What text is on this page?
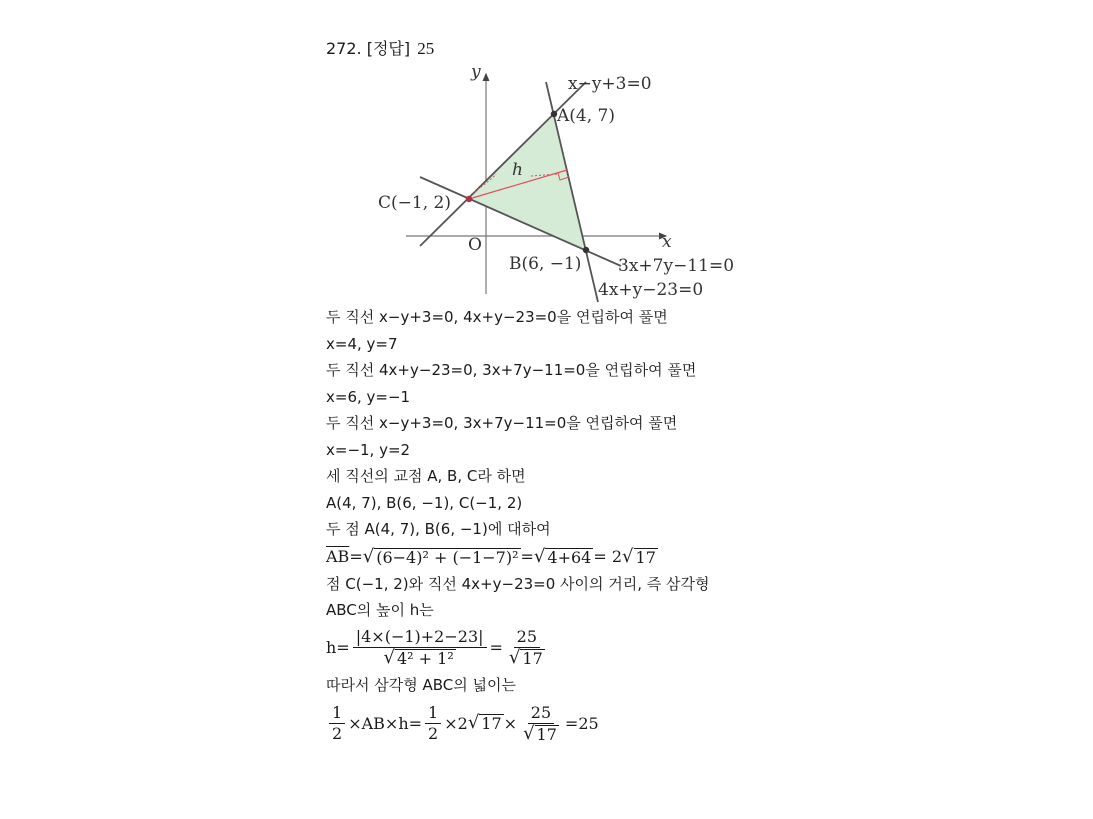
272. [정답] 25
y
x
O
x−y+3=0
A(4, 7)
h
C(−1, 2)
B(6, −1) 3x+7y−11=0
4x+y−23=0
두 직선 x−y+3=0, 4x+y−23=0을 연립하여 풀면
x=4, y=7
두 직선 4x+y−23=0, 3x+7y−11=0을 연립하여 풀면
x=6, y=−1
두 직선 x−y+3=0, 3x+7y−11=0을 연립하여 풀면
x=−1, y=2
세 직선의 교점 A, B, C라 하면
A(4, 7), B(6, −1), C(−1, 2)
두 점 A(4, 7), B(6, −1)에 대하여
$\overline{AB}$ = √ (6−4)² + (−1−7)² = √ 4+64 = 2 √ 17
점 C(−1, 2)와 직선 4x+y−23=0 사이의 거리, 즉 삼각형
ABC의 높이 h는
$h= \frac{|4\times(-1)+2-23|}{\text{√ 4² + 1²}} = \frac{25}{√ 17}$
따라서 삼각형 ABC의 넓이는
$\frac{1}{2} \times AB\times h= \frac{1}{2} \times 2$ √ $17 \times \frac{25}{√ 17} =25$
